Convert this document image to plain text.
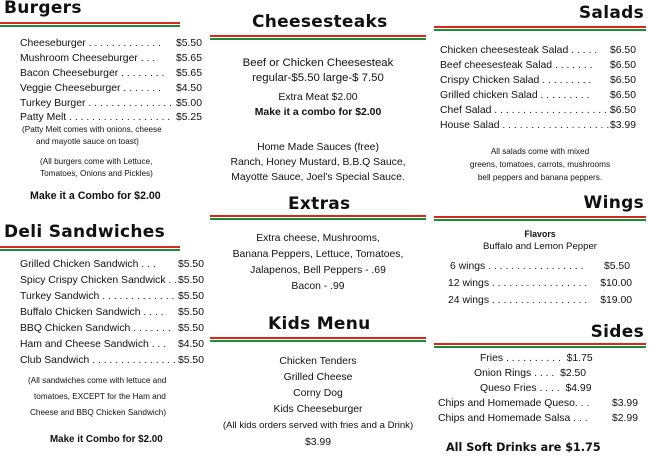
Burgers
Cheeseburger . . . . . . . . . . . . . $5.50
Mushroom Cheeseburger . . . $5.65
Bacon Cheeseburger . . . . . . . . $5.65
Veggie Cheeseburger . . . . . . . $4.50
Turkey Burger . . . . . . . . . . . . . . . $5.00
Patty Melt . . . . . . . . . . . . . . . . . . $5.25
(Patty Melt comes with onions, cheese
and mayotle sauce on toast)
(All burgers come with Lettuce,
Tomatoes, Onions and Pickles)
Make it a Combo for $2.00
Deli Sandwiches
Grilled Chicken Sandwich . . . $5.50
Spicy Crispy Chicken Sandwick . . $5.50
Turkey Sandwich . . . . . . . . . . . . . $5.50
Buffalo Chicken Sandwich . . . . $5.50
BBQ Chicken Sandwich . . . . . . . $5.50
Ham and Cheese Sandwich . . . $4.50
Club Sandwich . . . . . . . . . . . . . . . $5.50
(All sandwiches come with lettuce and
tomatoes, EXCEPT for the Ham and
Cheese and BBQ Chicken Sandwich)
Make it Combo for $2.00
Cheesesteaks
Beef or Chicken Cheesesteak
regular-$5.50 large-$ 7.50
Extra Meat $2.00
Make it a combo for $2.00
Home Made Sauces (free)
Ranch, Honey Mustard, B.B.Q Sauce,
Mayotte Sauce, Joel's Special Sauce.
Extras
Extra cheese, Mushrooms,
Banana Peppers, Lettuce, Tomatoes,
Jalapenos, Bell Peppers - .69
Bacon - .99
Kids Menu
Chicken Tenders
Grilled Cheese
Corny Dog
Kids Cheeseburger
(All kids orders served with fries and a Drink)
$3.99
Salads
Chicken cheesesteak Salad . . . . . $6.50
Beef cheesesteak Salad . . . . . . . $6.50
Crispy Chicken Salad . . . . . . . . . $6.50
Grilled chicken Salad . . . . . . . . . $6.50
Chef Salad . . . . . . . . . . . . . . . . . . . . .
$6.50
House Salad . . . . . . . . . . . . . . . . . . . $3.99
All salads come with mixed
greens, tomatoes, carrots, mushrooms
bell peppers and banana peppers.
Wings
Flavors
Buffalo and Lemon Pepper
6 wings . . . . . . . . . . . . . . . . . $5.50
12 wings . . . . . . . . . . . . . . . . . $10.00
24 wings . . . . . . . . . . . . . . . . . $19.00
Sides
Fries . . . . . . . . . . $1.75
Onion Rings . . . . $2.50
Queso Fries . . . . $4.99
Chips and Homemade Queso. . . $3.99
Chips and Homemade Salsa . . . $2.99
All Soft Drinks are $1.75
